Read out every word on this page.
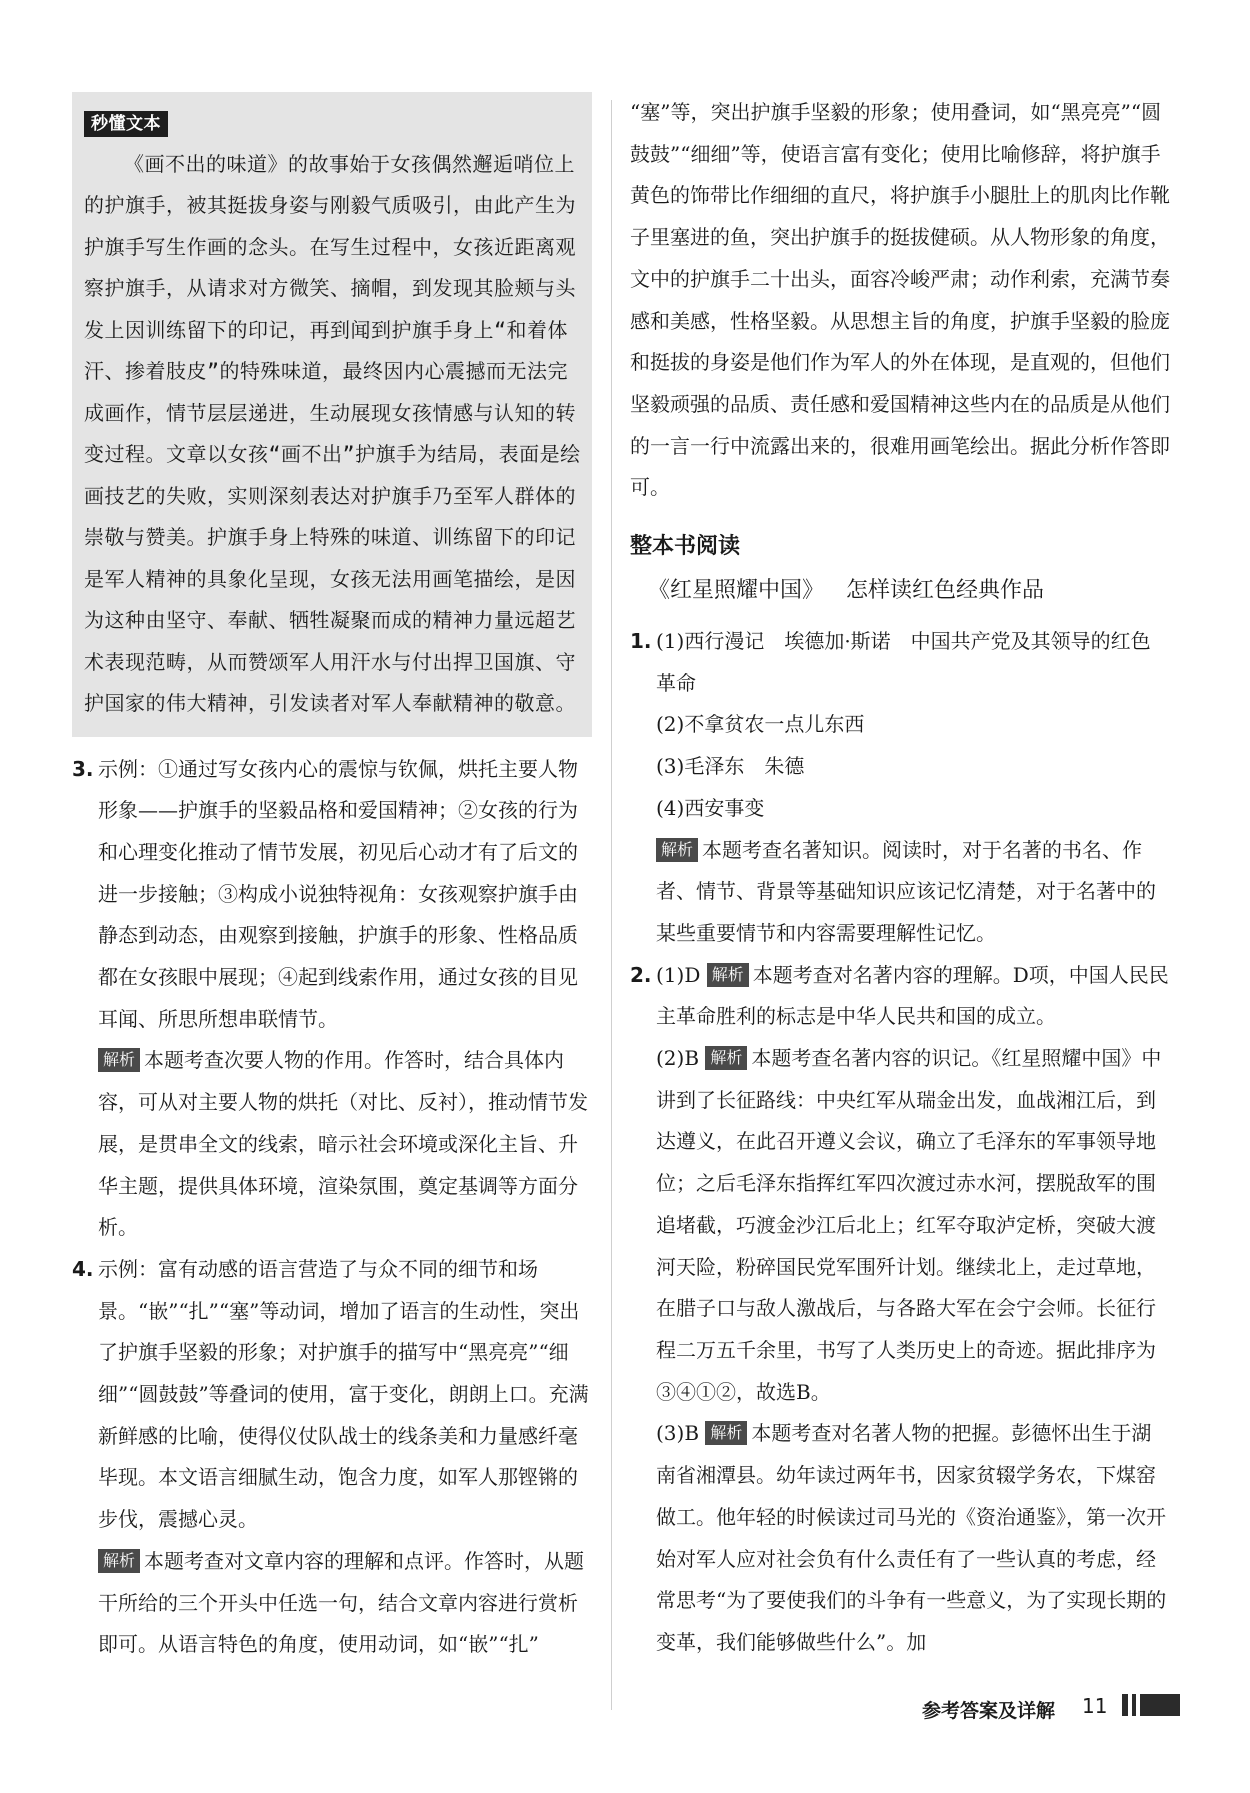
秒懂文本
《画不出的味道》的故事始于女孩偶然邂逅哨位上的护旗手，被其挺拔身姿与刚毅气质吸引，由此产生为护旗手写生作画的念头。在写生过程中，女孩近距离观察护旗手，从请求对方微笑、摘帽，到发现其脸颊与头发上因训练留下的印记，再到闻到护旗手身上“和着体汗、掺着肢皮”的特殊味道，最终因内心震撼而无法完成画作，情节层层递进，生动展现女孩情感与认知的转变过程。文章以女孩“画不出”护旗手为结局，表面是绘画技艺的失败，实则深刻表达对护旗手乃至军人群体的崇敬与赞美。护旗手身上特殊的味道、训练留下的印记是军人精神的具象化呈现，女孩无法用画笔描绘，是因为这种由坚守、奉献、牺牲凝聚而成的精神力量远超艺术表现范畴，从而赞颂军人用汗水与付出捍卫国旗、守护国家的伟大精神，引发读者对军人奉献精神的敬意。
3. 示例：①通过写女孩内心的震惊与钦佩，烘托主要人物形象——护旗手的坚毅品格和爱国精神；②女孩的行为和心理变化推动了情节发展，初见后心动才有了后文的进一步接触；③构成小说独特视角：女孩观察护旗手由静态到动态，由观察到接触，护旗手的形象、性格品质都在女孩眼中展现；④起到线索作用，通过女孩的目见耳闻、所思所想串联情节。
解析 本题考查次要人物的作用。作答时，结合具体内容，可从对主要人物的烘托（对比、反衬），推动情节发展，是贯串全文的线索，暗示社会环境或深化主旨、升华主题，提供具体环境，渲染氛围，奠定基调等方面分析。
4. 示例：富有动感的语言营造了与众不同的细节和场景。“嵌”“扎”“塞”等动词，增加了语言的生动性，突出了护旗手坚毅的形象；对护旗手的描写中“黑亮亮”“细细”“圆鼓鼓”等叠词的使用，富于变化，朗朗上口。充满新鲜感的比喻，使得仪仗队战士的线条美和力量感纤毫毕现。本文语言细腻生动，饱含力度，如军人那铿锵的步伐，震撼心灵。
解析 本题考查对文章内容的理解和点评。作答时，从题干所给的三个开头中任选一句，结合文章内容进行赏析即可。从语言特色的角度，使用动词，如“嵌”“扎”

“塞”等，突出护旗手坚毅的形象；使用叠词，如“黑亮亮”“圆鼓鼓”“细细”等，使语言富有变化；使用比喻修辞，将护旗手黄色的饰带比作细细的直尺，将护旗手小腿肚上的肌肉比作靴子里塞进的鱼，突出护旗手的挺拔健硕。从人物形象的角度，文中的护旗手二十出头，面容冷峻严肃；动作利索，充满节奏感和美感，性格坚毅。从思想主旨的角度，护旗手坚毅的脸庞和挺拔的身姿是他们作为军人的外在体现，是直观的，但他们坚毅顽强的品质、责任感和爱国精神这些内在的品质是从他们的一言一行中流露出来的，很难用画笔绘出。据此分析作答即可。

整本书阅读
《红星照耀中国》 怎样读红色经典作品
1. (1)西行漫记　埃德加·斯诺　中国共产党及其领导的红色革命
(2)不拿贫农一点儿东西
(3)毛泽东　朱德
(4)西安事变
解析 本题考查名著知识。阅读时，对于名著的书名、作者、情节、背景等基础知识应该记忆清楚，对于名著中的某些重要情节和内容需要理解性记忆。
2. (1)D 解析 本题考查对名著内容的理解。D项，中国人民民主革命胜利的标志是中华人民共和国的成立。
(2)B 解析 本题考查名著内容的识记。《红星照耀中国》中讲到了长征路线：中央红军从瑞金出发，血战湘江后，到达遵义，在此召开遵义会议，确立了毛泽东的军事领导地位；之后毛泽东指挥红军四次渡过赤水河，摆脱敌军的围追堵截，巧渡金沙江后北上；红军夺取泸定桥，突破大渡河天险，粉碎国民党军围歼计划。继续北上，走过草地，在腊子口与敌人激战后，与各路大军在会宁会师。长征行程二万五千余里，书写了人类历史上的奇迹。据此排序为③④①②，故选B。
(3)B 解析 本题考查对名著人物的把握。彭德怀出生于湖南省湘潭县。幼年读过两年书，因家贫辍学务农，下煤窑做工。他年轻的时候读过司马光的《资治通鉴》，第一次开始对军人应对社会负有什么责任有了一些认真的考虑，经常思考“为了要使我们的斗争有一些意义，为了实现长期的变革，我们能够做些什么”。加
参考答案及详解 11
